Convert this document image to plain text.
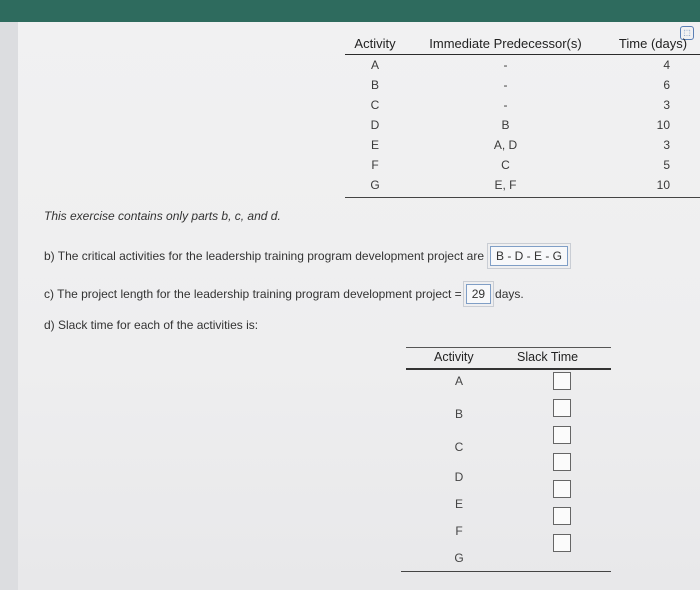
⬚
Activity	Immediate Predecessor(s)	Time (days)
A	-	4
B	-	6
C	-	3
D	B	10
E	A, D	3
F	C	5
G	E, F	10
This exercise contains only parts b, c, and d.
b) The critical activities for the leadership training program development project are	B - D - E - G
c) The project length for the leadership training program development project = 29 days.
d) Slack time for each of the activities is:
Activity	Slack Time
A
B
C
D
E
F
G
